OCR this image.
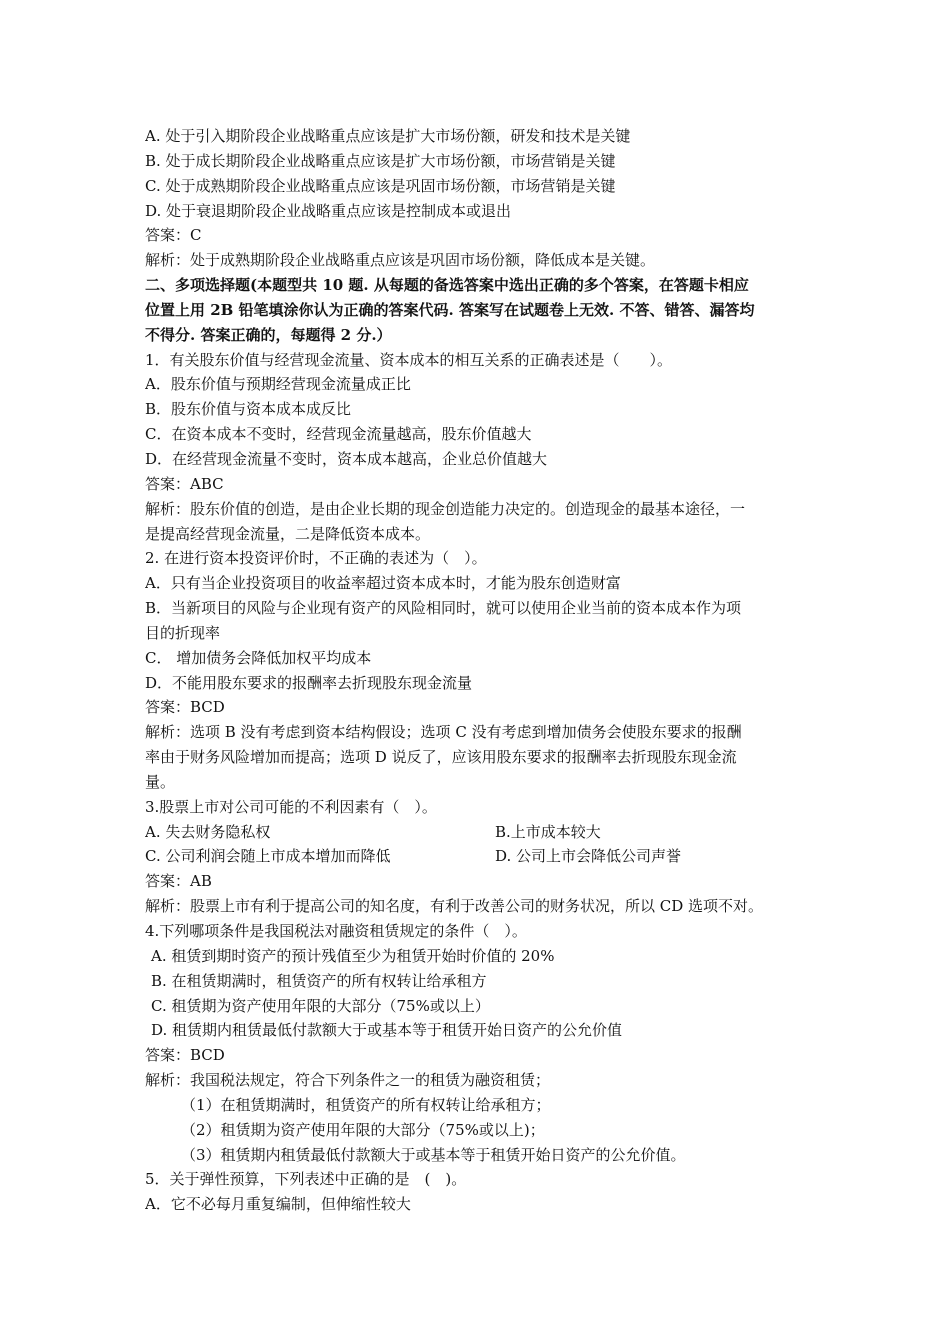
A. 处于引入期阶段企业战略重点应该是扩大市场份额，研发和技术是关键
B. 处于成长期阶段企业战略重点应该是扩大市场份额，市场营销是关键
C. 处于成熟期阶段企业战略重点应该是巩固市场份额，市场营销是关键
D. 处于衰退期阶段企业战略重点应该是控制成本或退出
答案：C
解析：处于成熟期阶段企业战略重点应该是巩固市场份额，降低成本是关键。
二、多项选择题(本题型共 10 题. 从每题的备选答案中选出正确的多个答案，在答题卡相应
位置上用 2B 铅笔填涂你认为正确的答案代码. 答案写在试题卷上无效. 不答、错答、漏答均
不得分. 答案正确的，每题得 2 分.）
1．有关股东价值与经营现金流量、资本成本的相互关系的正确表述是（　　）。
A．股东价值与预期经营现金流量成正比
B．股东价值与资本成本成反比
C．在资本成本不变时，经营现金流量越高，股东价值越大
D．在经营现金流量不变时，资本成本越高，企业总价值越大
答案：ABC
解析：股东价值的创造，是由企业长期的现金创造能力决定的。创造现金的最基本途径，一
是提高经营现金流量，二是降低资本成本。
2. 在进行资本投资评价时，不正确的表述为（　）。
A．只有当企业投资项目的收益率超过资本成本时，才能为股东创造财富
B．当新项目的风险与企业现有资产的风险相同时，就可以使用企业当前的资本成本作为项
目的折现率
C． 增加债务会降低加权平均成本
D．不能用股东要求的报酬率去折现股东现金流量
答案：BCD
解析：选项 B 没有考虑到资本结构假设；选项 C 没有考虑到增加债务会使股东要求的报酬
率由于财务风险增加而提高；选项 D 说反了，应该用股东要求的报酬率去折现股东现金流
量。
3.股票上市对公司可能的不利因素有（　）。
A. 失去财务隐私权	B.上市成本较大
C. 公司利润会随上市成本增加而降低	D. 公司上市会降低公司声誉
答案：AB
解析：股票上市有利于提高公司的知名度，有利于改善公司的财务状况，所以 CD 选项不对。
4.下列哪项条件是我国税法对融资租赁规定的条件（　）。
A. 租赁到期时资产的预计残值至少为租赁开始时价值的 20%
B. 在租赁期满时，租赁资产的所有权转让给承租方
C. 租赁期为资产使用年限的大部分（75%或以上）
D. 租赁期内租赁最低付款额大于或基本等于租赁开始日资产的公允价值
答案：BCD
解析：我国税法规定，符合下列条件之一的租赁为融资租赁；
（1）在租赁期满时，租赁资产的所有权转让给承租方；
（2）租赁期为资产使用年限的大部分（75%或以上)；
（3）租赁期内租赁最低付款额大于或基本等于租赁开始日资产的公允价值。
5．关于弹性预算，下列表述中正确的是　(　)。
A．它不必每月重复编制，但伸缩性较大
